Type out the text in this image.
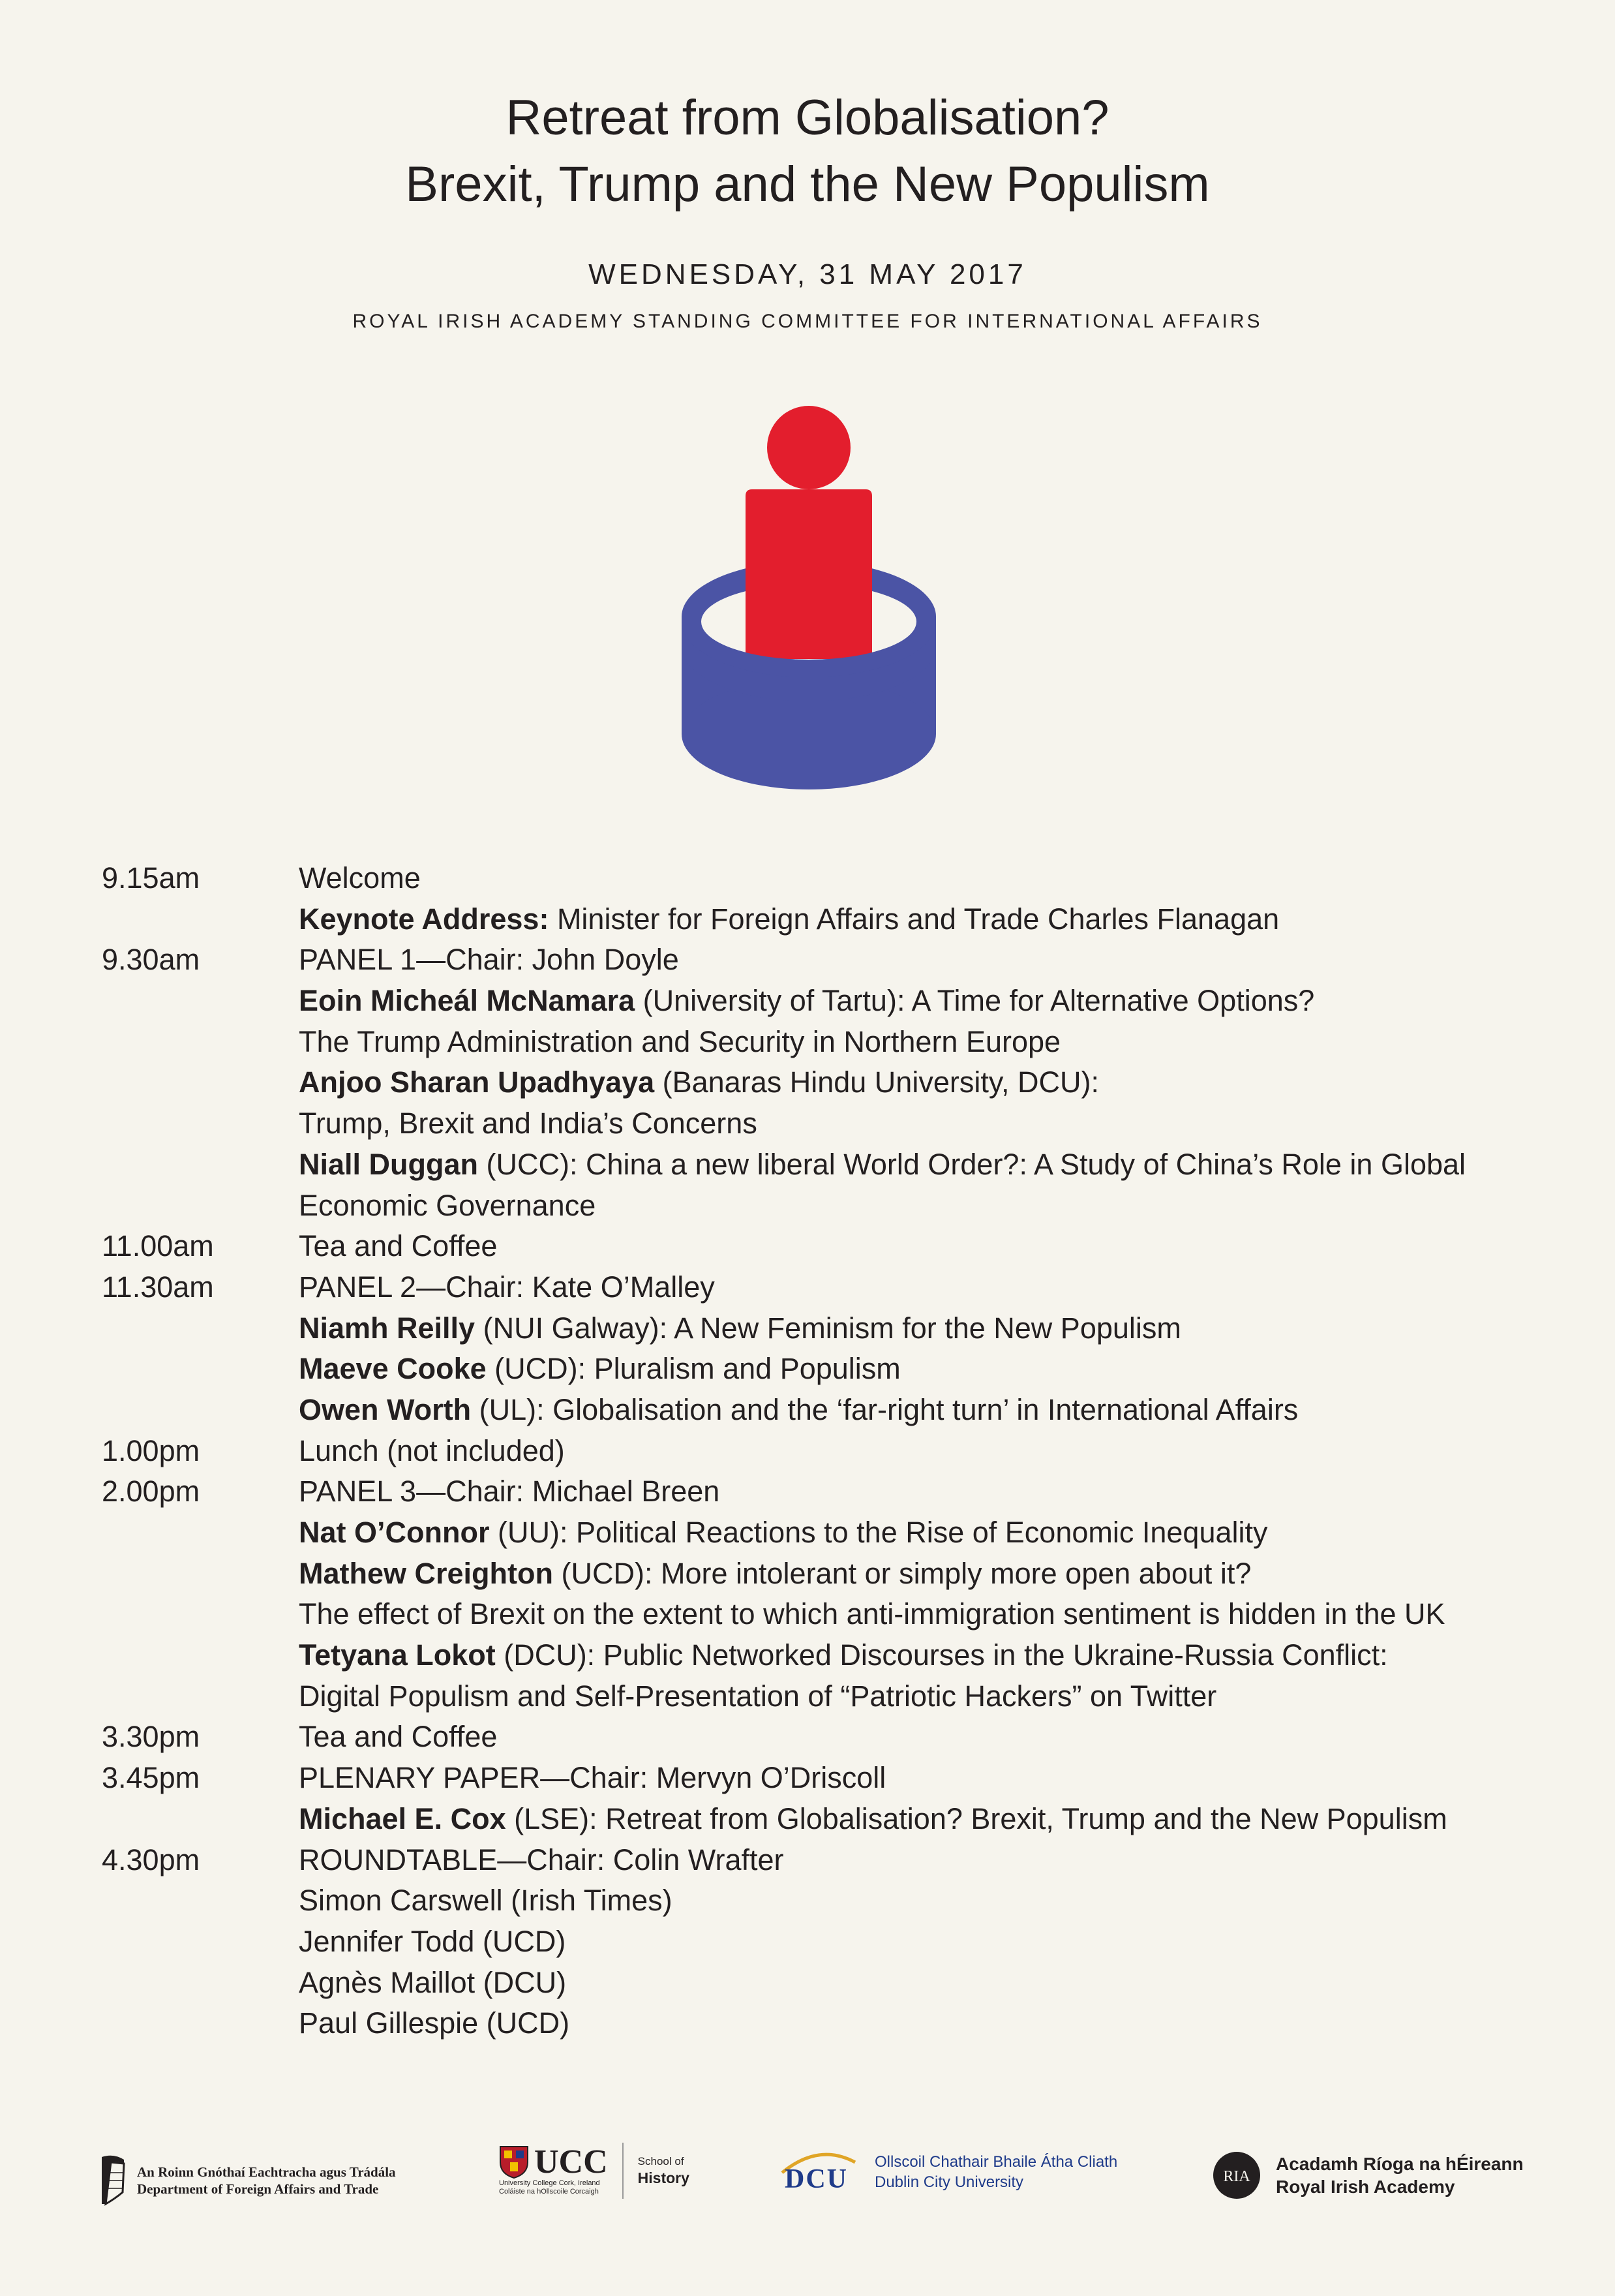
Retreat from Globalisation?
Brexit, Trump and the New Populism
WEDNESDAY, 31 MAY 2017
ROYAL IRISH ACADEMY STANDING COMMITTEE FOR INTERNATIONAL AFFAIRS
9.15am	Welcome
Keynote Address: Minister for Foreign Affairs and Trade Charles Flanagan
9.30am	PANEL 1—Chair: John Doyle
Eoin Micheál McNamara (University of Tartu): A Time for Alternative Options?
The Trump Administration and Security in Northern Europe
Anjoo Sharan Upadhyaya (Banaras Hindu University, DCU):
Trump, Brexit and India’s Concerns
Niall Duggan (UCC): China a new liberal World Order?: A Study of China’s Role in Global
Economic Governance
11.00am	Tea and Coffee
11.30am	PANEL 2—Chair: Kate O’Malley
Niamh Reilly (NUI Galway): A New Feminism for the New Populism
Maeve Cooke (UCD): Pluralism and Populism
Owen Worth (UL): Globalisation and the ‘far-right turn’ in International Affairs
1.00pm	Lunch (not included)
2.00pm	PANEL 3—Chair: Michael Breen
Nat O’Connor (UU): Political Reactions to the Rise of Economic Inequality
Mathew Creighton (UCD): More intolerant or simply more open about it?
The effect of Brexit on the extent to which anti-immigration sentiment is hidden in the UK
Tetyana Lokot (DCU): Public Networked Discourses in the Ukraine-Russia Conflict:
Digital Populism and Self-Presentation of “Patriotic Hackers” on Twitter
3.30pm	Tea and Coffee
3.45pm	PLENARY PAPER—Chair: Mervyn O’Driscoll
Michael E. Cox (LSE): Retreat from Globalisation? Brexit, Trump and the New Populism
4.30pm	ROUNDTABLE—Chair: Colin Wrafter
Simon Carswell (Irish Times)
Jennifer Todd (UCD)
Agnès Maillot (DCU)
Paul Gillespie (UCD)
An Roinn Gnóthaí Eachtracha agus Trádála
Department of Foreign Affairs and Trade
UCC
University College Cork, Ireland
Coláiste na hOllscoile Corcaigh
School of
History	DCU
Ollscoil Chathair Bhaile Átha Cliath
Dublin City University	RIA
Acadamh Ríoga na hÉireann
Royal Irish Academy
